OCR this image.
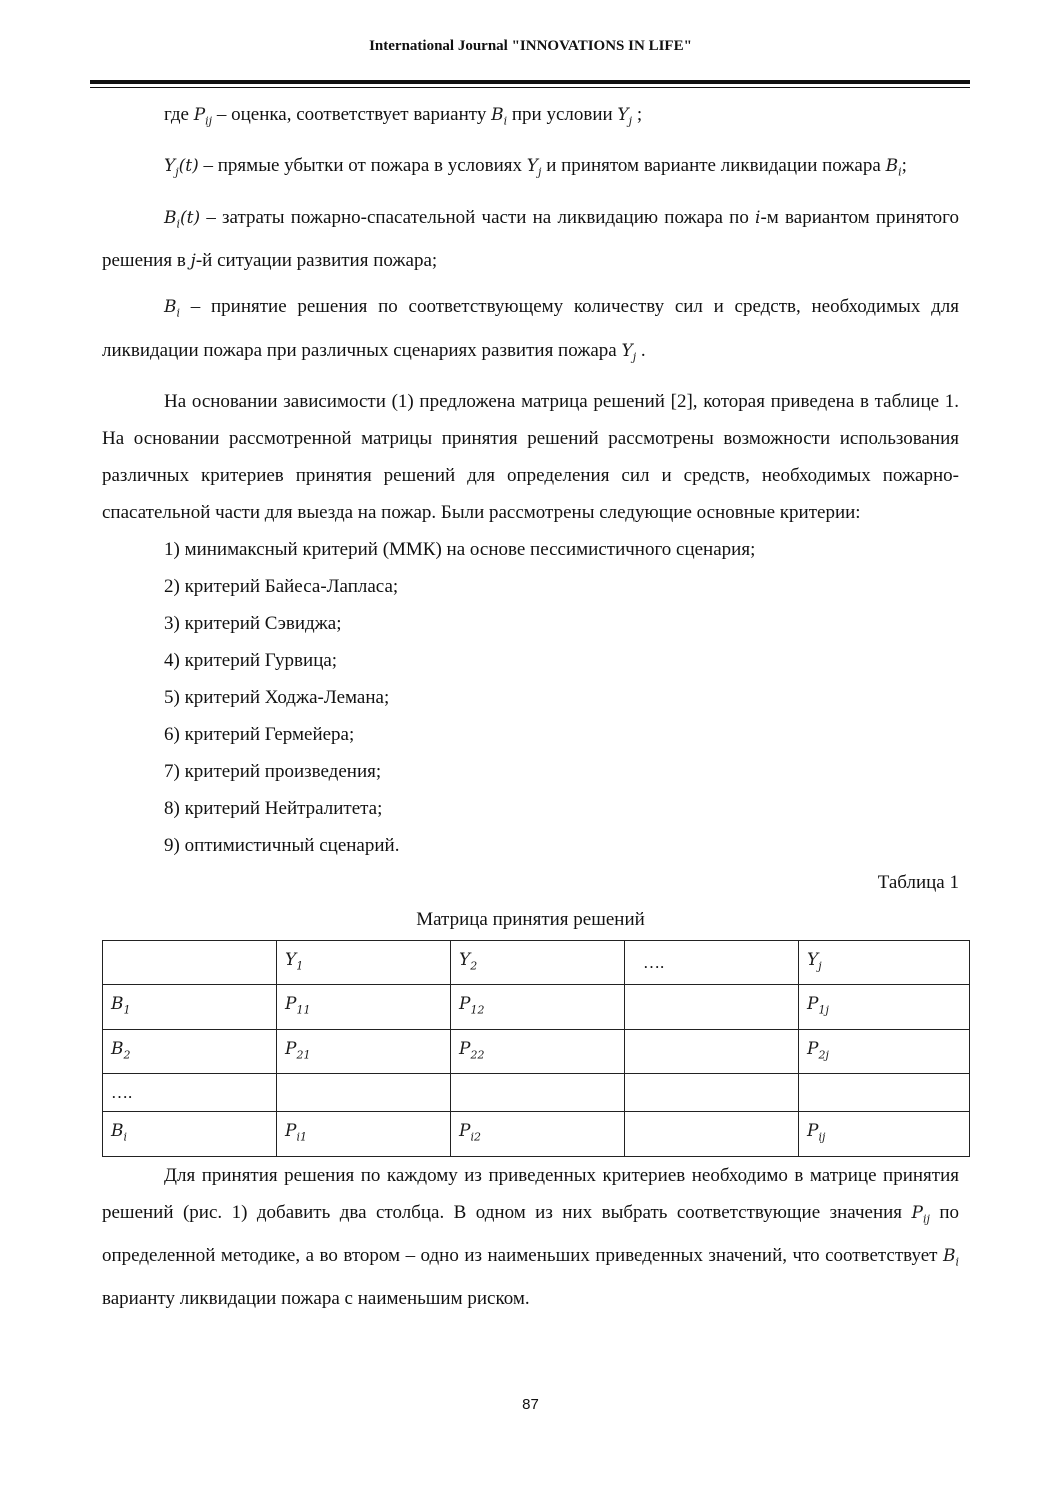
International Journal "INNOVATIONS IN LIFE"

где $P_{ij}$ – оценка, соответствует варианту $B_i$ при условии $Y_j$ ;

$Y_j(t)$ – прямые убытки от пожара в условиях $Y_j$ и принятом варианте ликвидации пожара $B_i$;

$B_i(t)$ – затраты пожарно-спасательной части на ликвидацию пожара по i-м вариантом принятого решения в j-й ситуации развития пожара;

$B_i$ – принятие решения по соответствующему количеству сил и средств, необходимых для ликвидации пожара при различных сценариях развития пожара $Y_j$ .

На основании зависимости (1) предложена матрица решений [2], которая приведена в таблице 1. На основании рассмотренной матрицы принятия решений рассмотрены возможности использования различных критериев принятия решений для определения сил и средств, необходимых пожарно-спасательной части для выезда на пожар. Были рассмотрены следующие основные критерии:

1) минимаксный критерий (ММК) на основе пессимистичного сценария;
2) критерий Байеса-Лапласа;
3) критерий Сэвиджа;
4) критерий Гурвица;
5) критерий Ходжа-Лемана;
6) критерий Гермейера;
7) критерий произведения;
8) критерий Нейтралитета;
9) оптимистичный сценарий.

Таблица 1

Матрица принятия решений

	$Y_1$	$Y_2$	….	$Y_j$
$B_1$	$P_{11}$	$P_{12}$		$P_{1j}$
$B_2$	$P_{21}$	$P_{22}$		$P_{2j}$
….				
$B_i$	$P_{i1}$	$P_{i2}$		$P_{ij}$

Для принятия решения по каждому из приведенных критериев необходимо в матрице принятия решений (рис. 1) добавить два столбца. В одном из них выбрать соответствующие значения $P_{ij}$ по определенной методике, а во втором – одно из наименьших приведенных значений, что соответствует $B_i$ варианту ликвидации пожара с наименьшим риском.

87
